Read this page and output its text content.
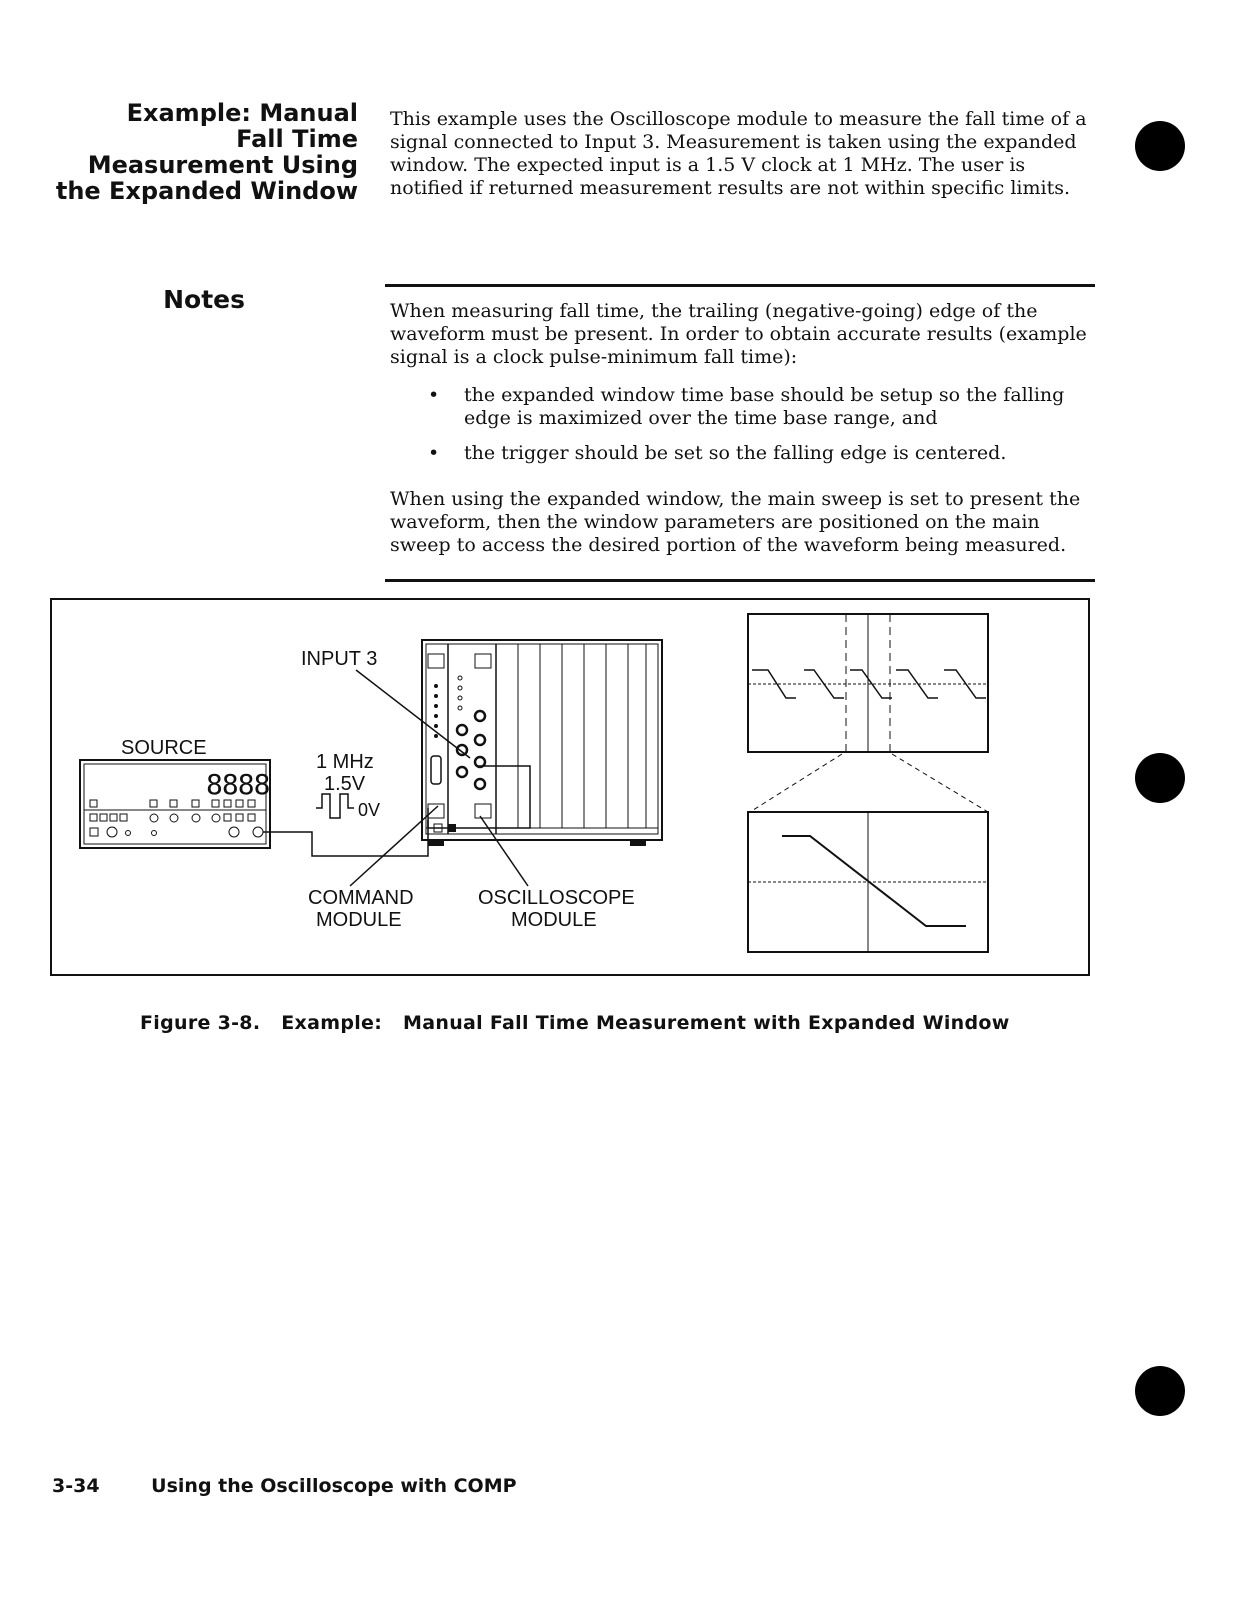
Example: Manual
Fall Time
Measurement Using
the Expanded Window
This example uses the Oscilloscope module to measure the fall time of a signal connected to Input 3. Measurement is taken using the expanded window. The expected input is a 1.5 V clock at 1 MHz. The user is notified if returned measurement results are not within specific limits.
Notes	When measuring fall time, the trailing (negative-going) edge of the waveform must be present. In order to obtain accurate results (example signal is a clock pulse-minimum fall time):
• the expanded window time base should be setup so the falling edge is maximized over the time base range, and
• the trigger should be set so the falling edge is centered.
When using the expanded window, the main sweep is set to present the waveform, then the window parameters are positioned on the main sweep to access the desired portion of the waveform being measured.
SOURCE
8888
1 MHz
1.5V
0V
INPUT 3
COMMAND
MODULE
OSCILLOSCOPE
MODULE
Figure 3-8. Example: Manual Fall Time Measurement with Expanded Window
3-34	Using the Oscilloscope with COMP
